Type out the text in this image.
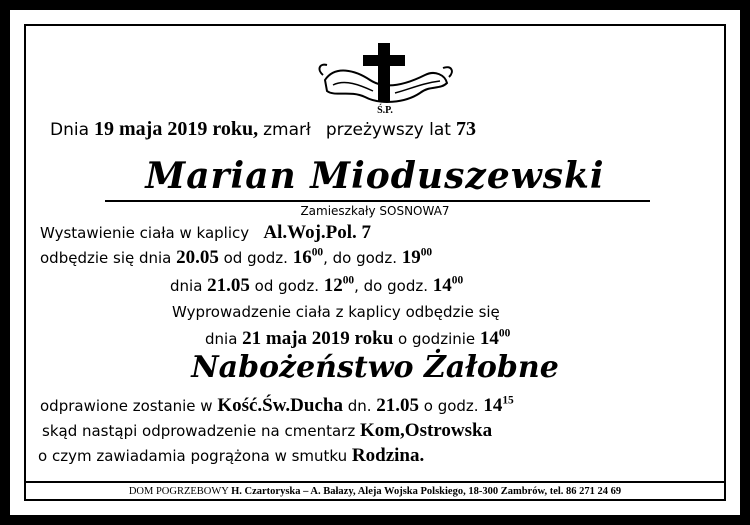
Ś.P.
Dnia 19 maja 2019 roku, zmarł przeżywszy lat 73
Marian Mioduszewski
Zamieszkały SOSNOWA7
Wystawienie ciała w kaplicy Al.Woj.Pol. 7
odbędzie się dnia 20.05 od godz. $16^{00}$, do godz. $19^{00}$
dnia 21.05 od godz. $12^{00}$, do godz. $14^{00}$
Wyprowadzenie ciała z kaplicy odbędzie się
dnia 21 maja 2019 roku o godzinie $14^{00}$
Nabożeństwo Żałobne
odprawione zostanie w Kość.Św.Ducha dn. 21.05 o godz. $14^{15}$
skąd nastąpi odprowadzenie na cmentarz Kom,Ostrowska
o czym zawiadamia pogrążona w smutku Rodzina.
DOM POGRZEBOWY H. Czartoryska – A. Bałazy, Aleja Wojska Polskiego, 18-300 Zambrów, tel. 86 271 24 69
